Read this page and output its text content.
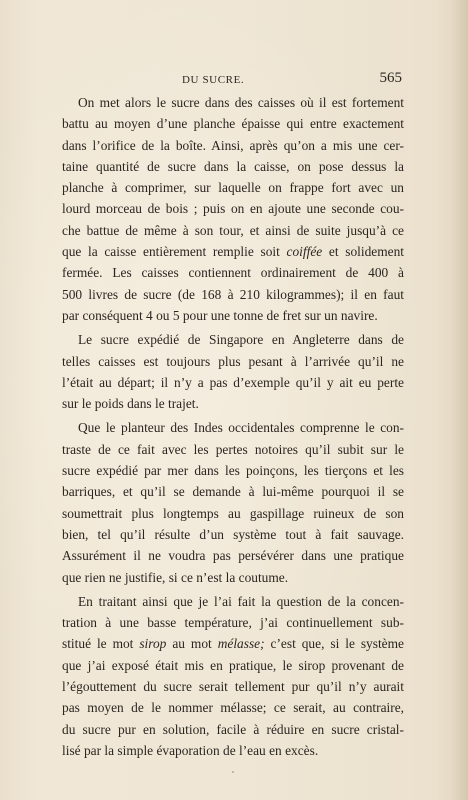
DU SUCRE.	565
On met alors le sucre dans des caisses où il est fortement
battu au moyen d’une planche épaisse qui entre exactement
dans l’orifice de la boîte. Ainsi, après qu’on a mis une cer-
taine quantité de sucre dans la caisse, on pose dessus la
planche à comprimer, sur laquelle on frappe fort avec un
lourd morceau de bois ; puis on en ajoute une seconde cou-
che battue de même à son tour, et ainsi de suite jusqu’à ce
que la caisse entièrement remplie soit coiffée et solidement
fermée. Les caisses contiennent ordinairement de 400 à
500 livres de sucre (de 168 à 210 kilogrammes); il en faut
par conséquent 4 ou 5 pour une tonne de fret sur un navire.
Le sucre expédié de Singapore en Angleterre dans de
telles caisses est toujours plus pesant à l’arrivée qu’il ne
l’était au départ; il n’y a pas d’exemple qu’il y ait eu perte
sur le poids dans le trajet.
Que le planteur des Indes occidentales comprenne le con-
traste de ce fait avec les pertes notoires qu’il subit sur le
sucre expédié par mer dans les poinçons, les tierçons et les
barriques, et qu’il se demande à lui-même pourquoi il se
soumettrait plus longtemps au gaspillage ruineux de son
bien, tel qu’il résulte d’un système tout à fait sauvage.
Assurément il ne voudra pas persévérer dans une pratique
que rien ne justifie, si ce n’est la coutume.
En traitant ainsi que je l’ai fait la question de la concen-
tration à une basse température, j’ai continuellement sub-
stitué le mot sirop au mot mélasse; c’est que, si le système
que j’ai exposé était mis en pratique, le sirop provenant de
l’égouttement du sucre serait tellement pur qu’il n’y aurait
pas moyen de le nommer mélasse; ce serait, au contraire,
du sucre pur en solution, facile à réduire en sucre cristal-
lisé par la simple évaporation de l’eau en excès.
